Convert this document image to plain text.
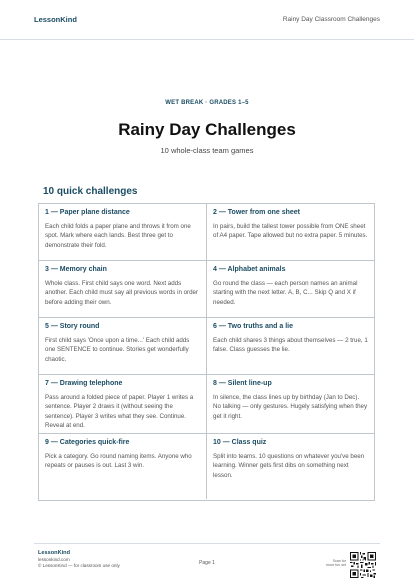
LessonKind	Rainy Day Classroom Challenges
WET BREAK · GRADES 1–5
Rainy Day Challenges
10 whole-class team games
10 quick challenges
1 — Paper plane distance
Each child folds a paper plane and throws it from one spot. Mark where each lands. Best three get to demonstrate their fold.
2 — Tower from one sheet
In pairs, build the tallest tower possible from ONE sheet of A4 paper. Tape allowed but no extra paper. 5 minutes.
3 — Memory chain
Whole class. First child says one word. Next adds another. Each child must say all previous words in order before adding their own.
4 — Alphabet animals
Go round the class — each person names an animal starting with the next letter. A, B, C... Skip Q and X if needed.
5 — Story round
First child says 'Once upon a time...' Each child adds one SENTENCE to continue. Stories get wonderfully chaotic.
6 — Two truths and a lie
Each child shares 3 things about themselves — 2 true, 1 false. Class guesses the lie.
7 — Drawing telephone
Pass around a folded piece of paper. Player 1 writes a sentence. Player 2 draws it (without seeing the sentence). Player 3 writes what they see. Continue. Reveal at end.
8 — Silent line-up
In silence, the class lines up by birthday (Jan to Dec). No talking — only gestures. Hugely satisfying when they get it right.
9 — Categories quick-fire
Pick a category. Go round naming items. Anyone who repeats or pauses is out. Last 3 win.
10 — Class quiz
Split into teams. 10 questions on whatever you've been learning. Winner gets first dibs on something next lesson.
LessonKind
lessonkind.com
© LessonKind — for classroom use only	Page 1	Scan for
more fun set
